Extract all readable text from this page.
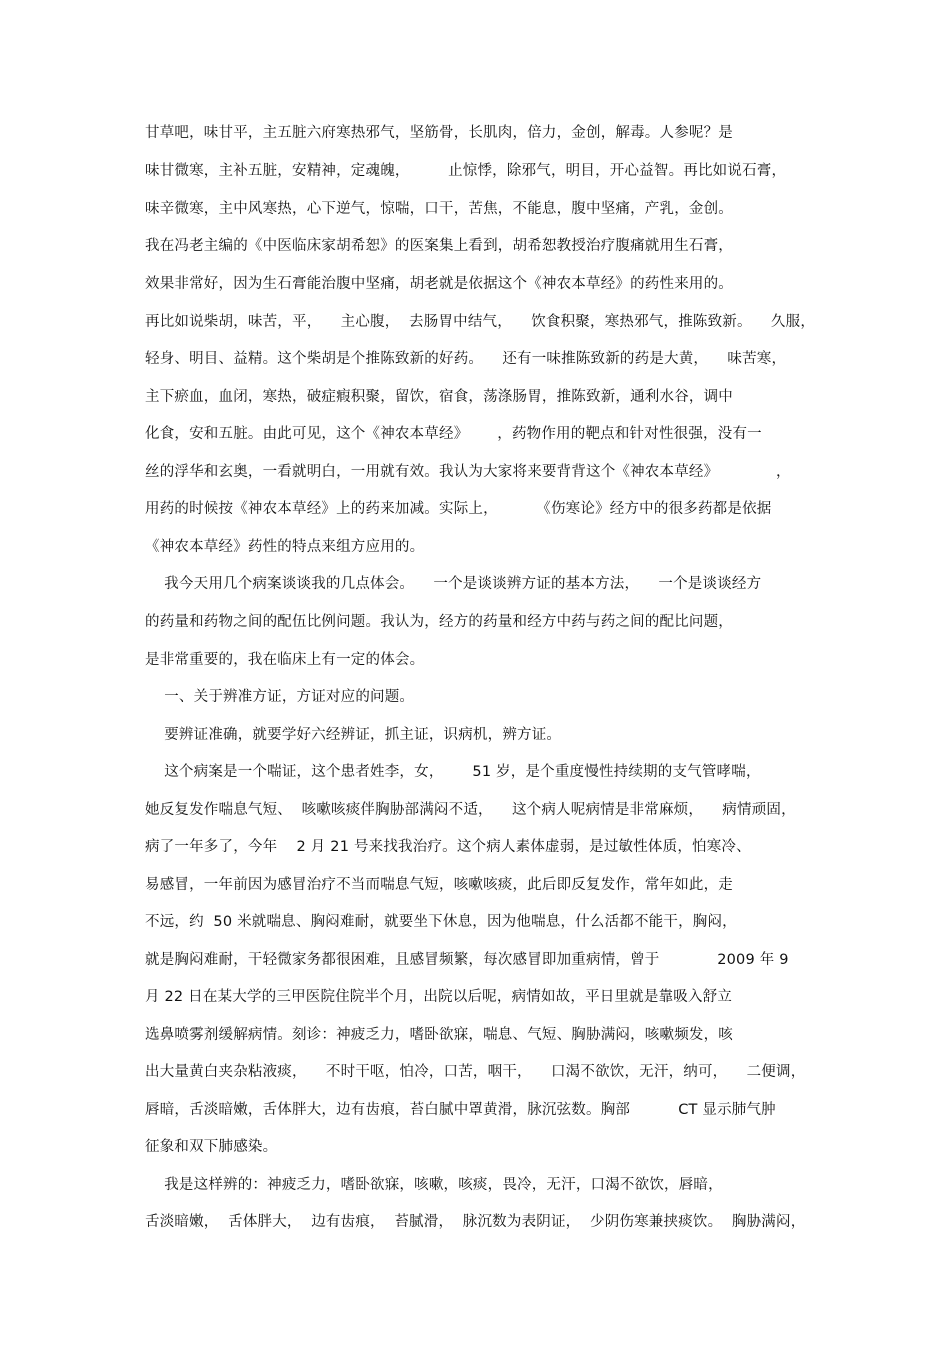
甘草吧，味甘平，主五脏六府寒热邪气，坚筋骨，长肌肉，倍力，金创，解毒。人参呢？是
味甘微寒，主补五脏，安精神，定魂魄，        止惊悸，除邪气，明目，开心益智。再比如说石膏，
味辛微寒，主中风寒热，心下逆气，惊喘，口干，苦焦，不能息，腹中坚痛，产乳，金创。
我在冯老主编的《中医临床家胡希恕》的医案集上看到，胡希恕教授治疗腹痛就用生石膏，
效果非常好，因为生石膏能治腹中坚痛，胡老就是依据这个《神农本草经》的药性来用的。
再比如说柴胡，味苦，平，    主心腹，  去肠胃中结气，    饮食积聚，寒热邪气，推陈致新。    久服，
轻身、明目、益精。这个柴胡是个推陈致新的好药。    还有一味推陈致新的药是大黄，    味苦寒，
主下瘀血，血闭，寒热，破症瘕积聚，留饮，宿食，荡涤肠胃，推陈致新，通利水谷，调中
化食，安和五脏。由此可见，这个《神农本草经》      ，药物作用的靶点和针对性很强，没有一
丝的浮华和玄奥，一看就明白，一用就有效。我认为大家将来要背背这个《神农本草经》            ，
用药的时候按《神农本草经》上的药来加减。实际上，        《伤寒论》经方中的很多药都是依据
《神农本草经》药性的特点来组方应用的。
我今天用几个病案谈谈我的几点体会。    一个是谈谈辨方证的基本方法，    一个是谈谈经方
的药量和药物之间的配伍比例问题。我认为，经方的药量和经方中药与药之间的配比问题，
是非常重要的，我在临床上有一定的体会。
一、关于辨准方证，方证对应的问题。
要辨证准确，就要学好六经辨证，抓主证，识病机，辨方证。
这个病案是一个喘证，这个患者姓李，女，      51 岁，是个重度慢性持续期的支气管哮喘，
她反复发作喘息气短、  咳嗽咳痰伴胸胁部满闷不适，    这个病人呢病情是非常麻烦，    病情顽固，
病了一年多了，今年    2 月 21 号来找我治疗。这个病人素体虚弱，是过敏性体质，怕寒冷、
易感冒，一年前因为感冒治疗不当而喘息气短，咳嗽咳痰，此后即反复发作，常年如此，走
不远，约  50 米就喘息、胸闷难耐，就要坐下休息，因为他喘息，什么活都不能干，胸闷，
就是胸闷难耐，干轻微家务都很困难，且感冒频繁，每次感冒即加重病情，曾于            2009 年 9
月 22 日在某大学的三甲医院住院半个月，出院以后呢，病情如故，平日里就是靠吸入舒立
选鼻喷雾剂缓解病情。刻诊：神疲乏力，嗜卧欲寐，喘息、气短、胸胁满闷，咳嗽频发，咳
出大量黄白夹杂粘液痰，    不时干呕，怕冷，口苦，咽干，    口渴不欲饮，无汗，纳可，    二便调，
唇暗，舌淡暗嫩，舌体胖大，边有齿痕，苔白腻中罩黄滑，脉沉弦数。胸部          CT 显示肺气肿
征象和双下肺感染。
我是这样辨的：神疲乏力，嗜卧欲寐，咳嗽，咳痰，畏冷，无汗，口渴不欲饮，唇暗，
舌淡暗嫩，  舌体胖大，  边有齿痕，  苔腻滑，  脉沉数为表阴证，  少阴伤寒兼挟痰饮。  胸胁满闷，
